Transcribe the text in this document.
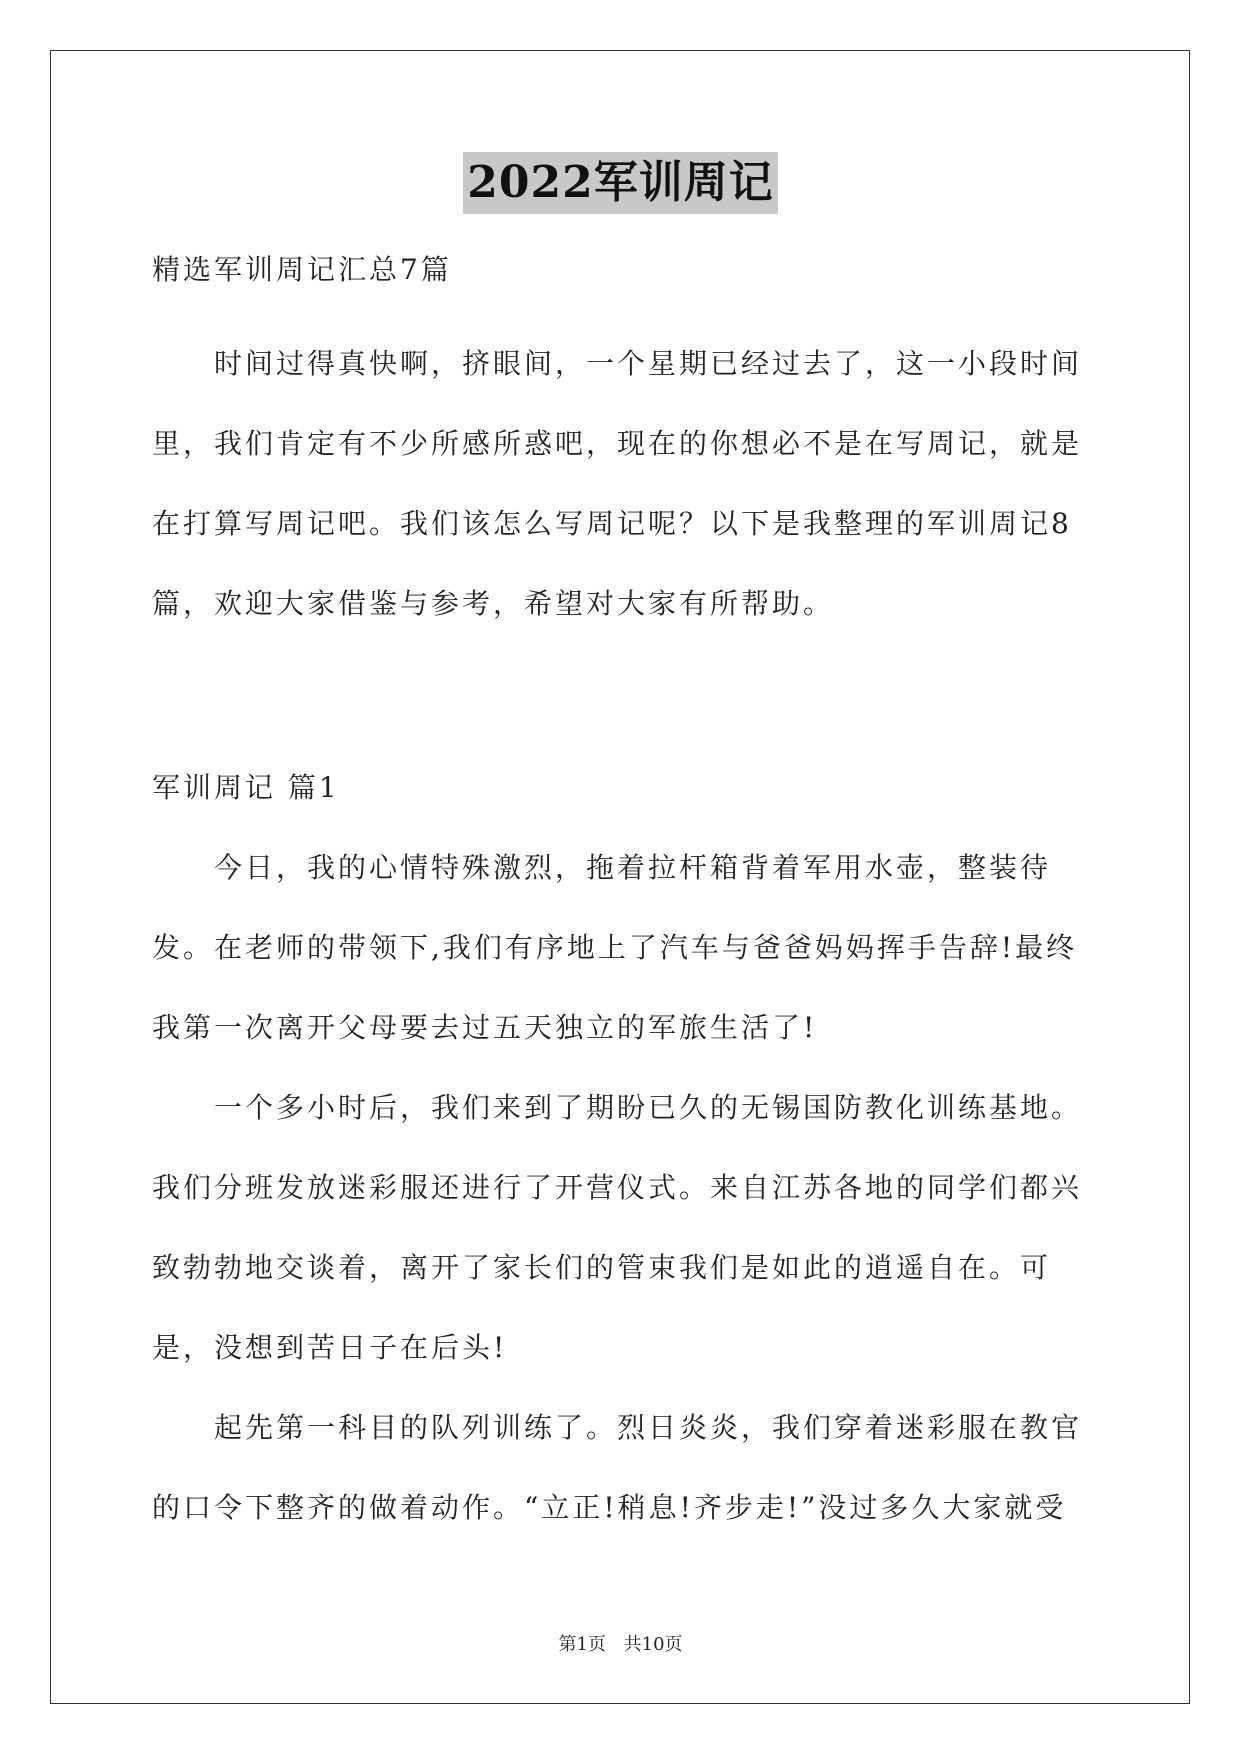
2022军训周记

精选军训周记汇总7篇

时间过得真快啊，挤眼间，一个星期已经过去了，这一小段时间里，我们肯定有不少所感所惑吧，现在的你想必不是在写周记，就是在打算写周记吧。我们该怎么写周记呢？以下是我整理的军训周记8篇，欢迎大家借鉴与参考，希望对大家有所帮助。

军训周记 篇1

今日，我的心情特殊激烈，拖着拉杆箱背着军用水壶，整装待发。在老师的带领下,我们有序地上了汽车与爸爸妈妈挥手告辞!最终我第一次离开父母要去过五天独立的军旅生活了!

一个多小时后，我们来到了期盼已久的无锡国防教化训练基地。我们分班发放迷彩服还进行了开营仪式。来自江苏各地的同学们都兴致勃勃地交谈着，离开了家长们的管束我们是如此的逍遥自在。可是，没想到苦日子在后头!

起先第一科目的队列训练了。烈日炎炎，我们穿着迷彩服在教官的口令下整齐的做着动作。“立正!稍息!齐步走!”没过多久大家就受

第1页 共10页
